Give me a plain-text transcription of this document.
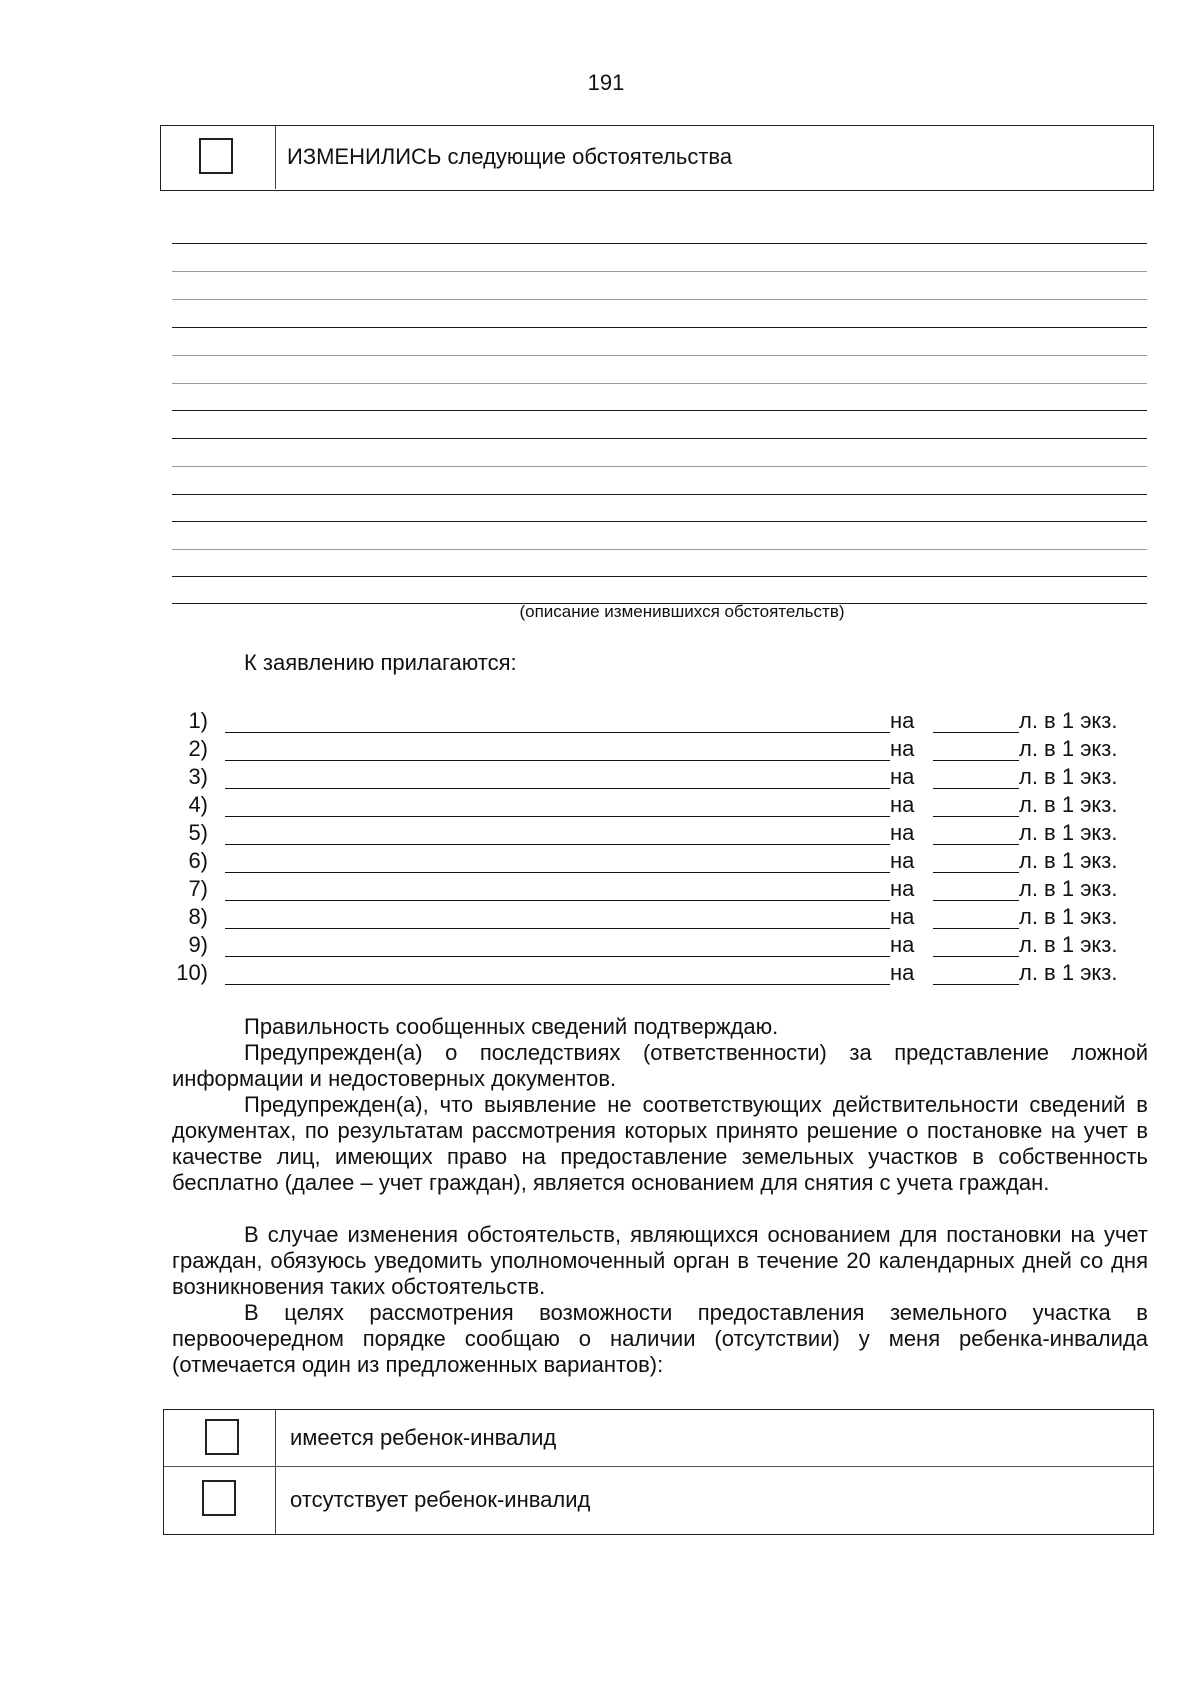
191
ИЗМЕНИЛИСЬ следующие обстоятельства
(описание изменившихся обстоятельств)
К заявлению прилагаются:
1)	на	л. в 1 экз.
2)	на	л. в 1 экз.
3)	на	л. в 1 экз.
4)	на	л. в 1 экз.
5)	на	л. в 1 экз.
6)	на	л. в 1 экз.
7)	на	л. в 1 экз.
8)	на	л. в 1 экз.
9)	на	л. в 1 экз.
10)	на	л. в 1 экз.
Правильность сообщенных сведений подтверждаю.
Предупрежден(а) о последствиях (ответственности) за представление ложной информации и недостоверных документов.
Предупрежден(а), что выявление не соответствующих действительности сведений в документах, по результатам рассмотрения которых принято решение о постановке на учет в качестве лиц, имеющих право на предоставление земельных участков в собственность бесплатно (далее – учет граждан), является основанием для снятия с учета граждан.
В случае изменения обстоятельств, являющихся основанием для постановки на учет граждан, обязуюсь уведомить уполномоченный орган в течение 20 календарных дней со дня возникновения таких обстоятельств.
В целях рассмотрения возможности предоставления земельного участка в первоочередном порядке сообщаю о наличии (отсутствии) у меня ребенка-инвалида (отмечается один из предложенных вариантов):
имеется ребенок-инвалид
отсутствует ребенок-инвалид
